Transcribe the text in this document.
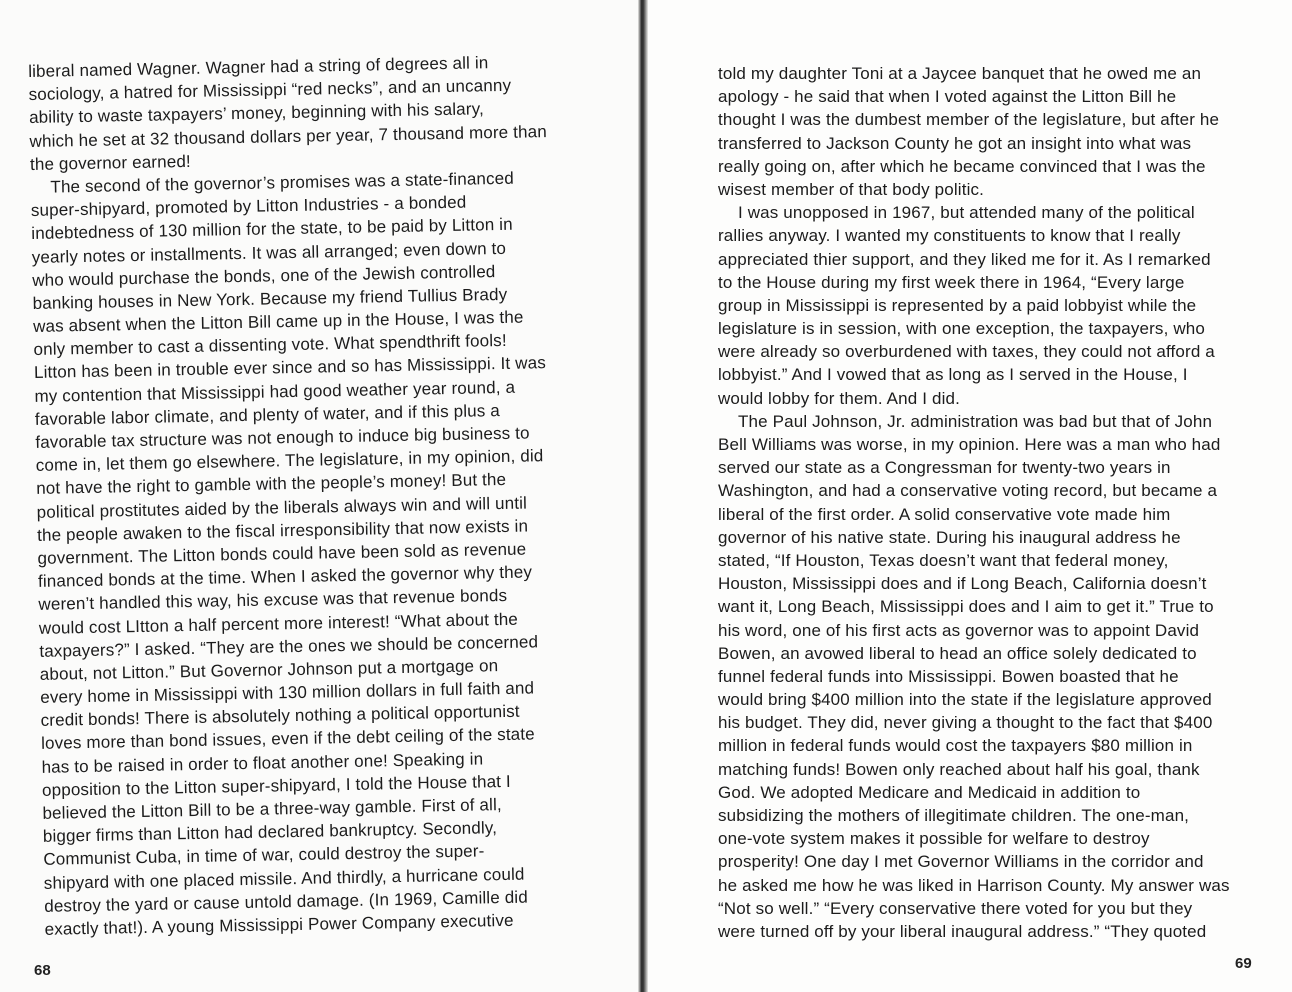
liberal named Wagner. Wagner had a string of degrees all in
sociology, a hatred for Mississippi “red necks”, and an uncanny
ability to waste taxpayers’ money, beginning with his salary,
which he set at 32 thousand dollars per year, 7 thousand more than
the governor earned!
The second of the governor’s promises was a state-financed
super-shipyard, promoted by Litton Industries - a bonded
indebtedness of 130 million for the state, to be paid by Litton in
yearly notes or installments. It was all arranged; even down to
who would purchase the bonds, one of the Jewish controlled
banking houses in New York. Because my friend Tullius Brady
was absent when the Litton Bill came up in the House, I was the
only member to cast a dissenting vote. What spendthrift fools!
Litton has been in trouble ever since and so has Mississippi. It was
my contention that Mississippi had good weather year round, a
favorable labor climate, and plenty of water, and if this plus a
favorable tax structure was not enough to induce big business to
come in, let them go elsewhere. The legislature, in my opinion, did
not have the right to gamble with the people’s money! But the
political prostitutes aided by the liberals always win and will until
the people awaken to the fiscal irresponsibility that now exists in
government. The Litton bonds could have been sold as revenue
financed bonds at the time. When I asked the governor why they
weren’t handled this way, his excuse was that revenue bonds
would cost LItton a half percent more interest! “What about the
taxpayers?” I asked. “They are the ones we should be concerned
about, not Litton.” But Governor Johnson put a mortgage on
every home in Mississippi with 130 million dollars in full faith and
credit bonds! There is absolutely nothing a political opportunist
loves more than bond issues, even if the debt ceiling of the state
has to be raised in order to float another one! Speaking in
opposition to the Litton super-shipyard, I told the House that I
believed the Litton Bill to be a three-way gamble. First of all,
bigger firms than Litton had declared bankruptcy. Secondly,
Communist Cuba, in time of war, could destroy the super-
shipyard with one placed missile. And thirdly, a hurricane could
destroy the yard or cause untold damage. (In 1969, Camille did
exactly that!). A young Mississippi Power Company executive
68
told my daughter Toni at a Jaycee banquet that he owed me an
apology - he said that when I voted against the Litton Bill he
thought I was the dumbest member of the legislature, but after he
transferred to Jackson County he got an insight into what was
really going on, after which he became convinced that I was the
wisest member of that body politic.
I was unopposed in 1967, but attended many of the political
rallies anyway. I wanted my constituents to know that I really
appreciated thier support, and they liked me for it. As I remarked
to the House during my first week there in 1964, “Every large
group in Mississippi is represented by a paid lobbyist while the
legislature is in session, with one exception, the taxpayers, who
were already so overburdened with taxes, they could not afford a
lobbyist.” And I vowed that as long as I served in the House, I
would lobby for them. And I did.
The Paul Johnson, Jr. administration was bad but that of John
Bell Williams was worse, in my opinion. Here was a man who had
served our state as a Congressman for twenty-two years in
Washington, and had a conservative voting record, but became a
liberal of the first order. A solid conservative vote made him
governor of his native state. During his inaugural address he
stated, “If Houston, Texas doesn’t want that federal money,
Houston, Mississippi does and if Long Beach, California doesn’t
want it, Long Beach, Mississippi does and I aim to get it.” True to
his word, one of his first acts as governor was to appoint David
Bowen, an avowed liberal to head an office solely dedicated to
funnel federal funds into Mississippi. Bowen boasted that he
would bring $400 million into the state if the legislature approved
his budget. They did, never giving a thought to the fact that $400
million in federal funds would cost the taxpayers $80 million in
matching funds! Bowen only reached about half his goal, thank
God. We adopted Medicare and Medicaid in addition to
subsidizing the mothers of illegitimate children. The one-man,
one-vote system makes it possible for welfare to destroy
prosperity! One day I met Governor Williams in the corridor and
he asked me how he was liked in Harrison County. My answer was
“Not so well.” “Every conservative there voted for you but they
were turned off by your liberal inaugural address.” “They quoted
69
